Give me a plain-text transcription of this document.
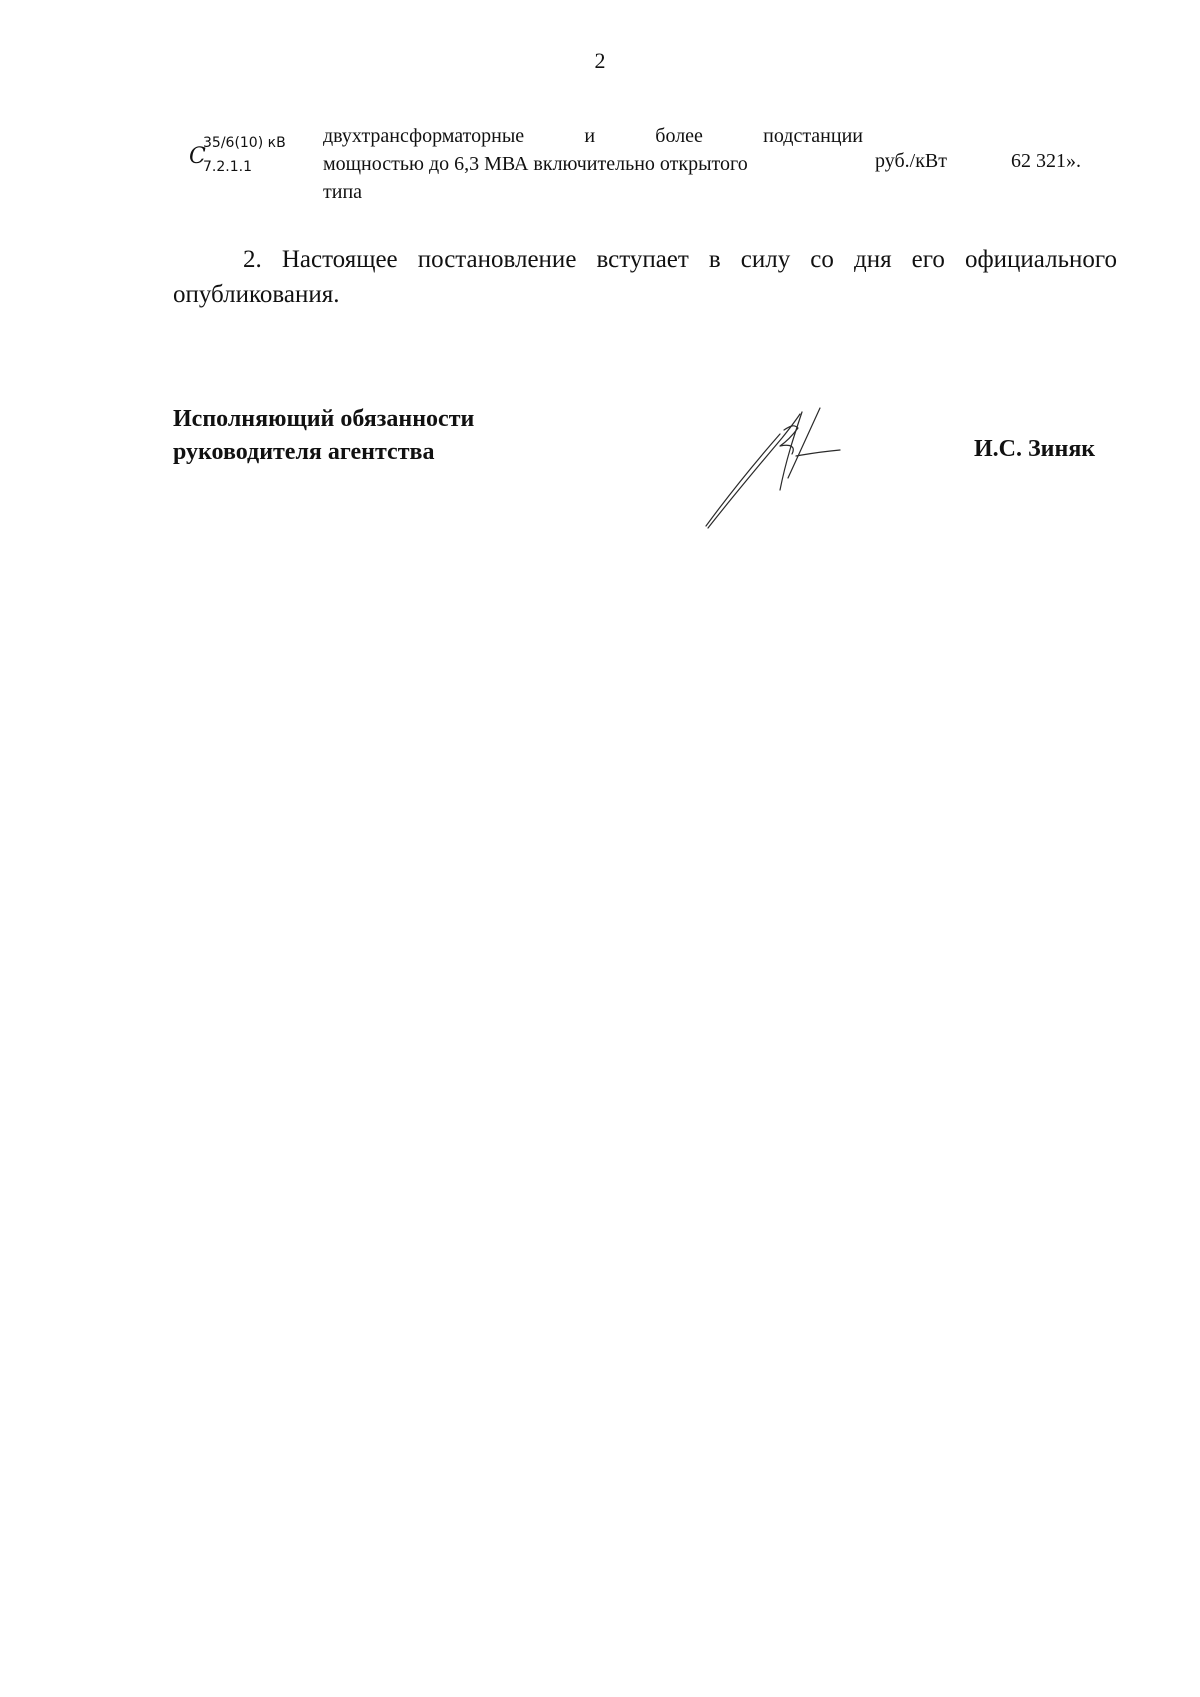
2
C
35/6(10) кВ
7.2.1.1
двухтрансформаторные и более подстанции
мощностью до 6,3 МВА включительно открытого
типа
руб./кВт	62 321».

2. Настоящее постановление вступает в силу со дня его официального
опубликования.

Исполняющий обязанности
руководителя агентства	И.С. Зиняк
